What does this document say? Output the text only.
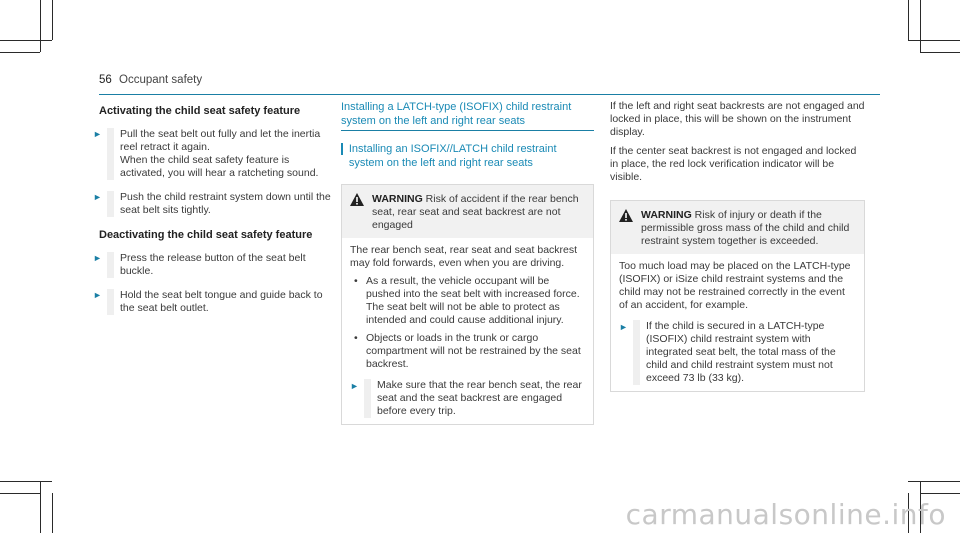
56 Occupant safety
Activating the child seat safety feature
► Pull the seat belt out fully and let the inertia reel retract it again.
When the child seat safety feature is activated, you will hear a ratcheting sound.
► Push the child restraint system down until the seat belt sits tightly.
Deactivating the child seat safety feature
► Press the release button of the seat belt buckle.
► Hold the seat belt tongue and guide back to the seat belt outlet.
Installing a LATCH-type (ISOFIX) child restraint system on the left and right rear seats
Installing an ISOFIX//LATCH child restraint system on the left and right rear seats
WARNING Risk of accident if the rear bench seat, rear seat and seat backrest are not engaged

The rear bench seat, rear seat and seat backrest may fold forwards, even when you are driving.

• As a result, the vehicle occupant will be pushed into the seat belt with increased force. The seat belt will not be able to protect as intended and could cause additional injury.
• Objects or loads in the trunk or cargo compartment will not be restrained by the seat backrest.
►	Make sure that the rear bench seat, the rear seat and the seat backrest are engaged before every trip.

If the left and right seat backrests are not engaged and locked in place, this will be shown on the instrument display.

If the center seat backrest is not engaged and locked in place, the red lock verification indicator will be visible.

WARNING Risk of injury or death if the permissible gross mass of the child and child restraint system together is exceeded.

Too much load may be placed on the LATCH-type (ISOFIX) or iSize child restraint systems and the child may not be restrained correctly in the event of an accident, for example.

►	If the child is secured in a LATCH-type (ISOFIX) child restraint system with integrated seat belt, the total mass of the child and child restraint system must not exceed 73 lb (33 kg).
carmanualsonline.info
